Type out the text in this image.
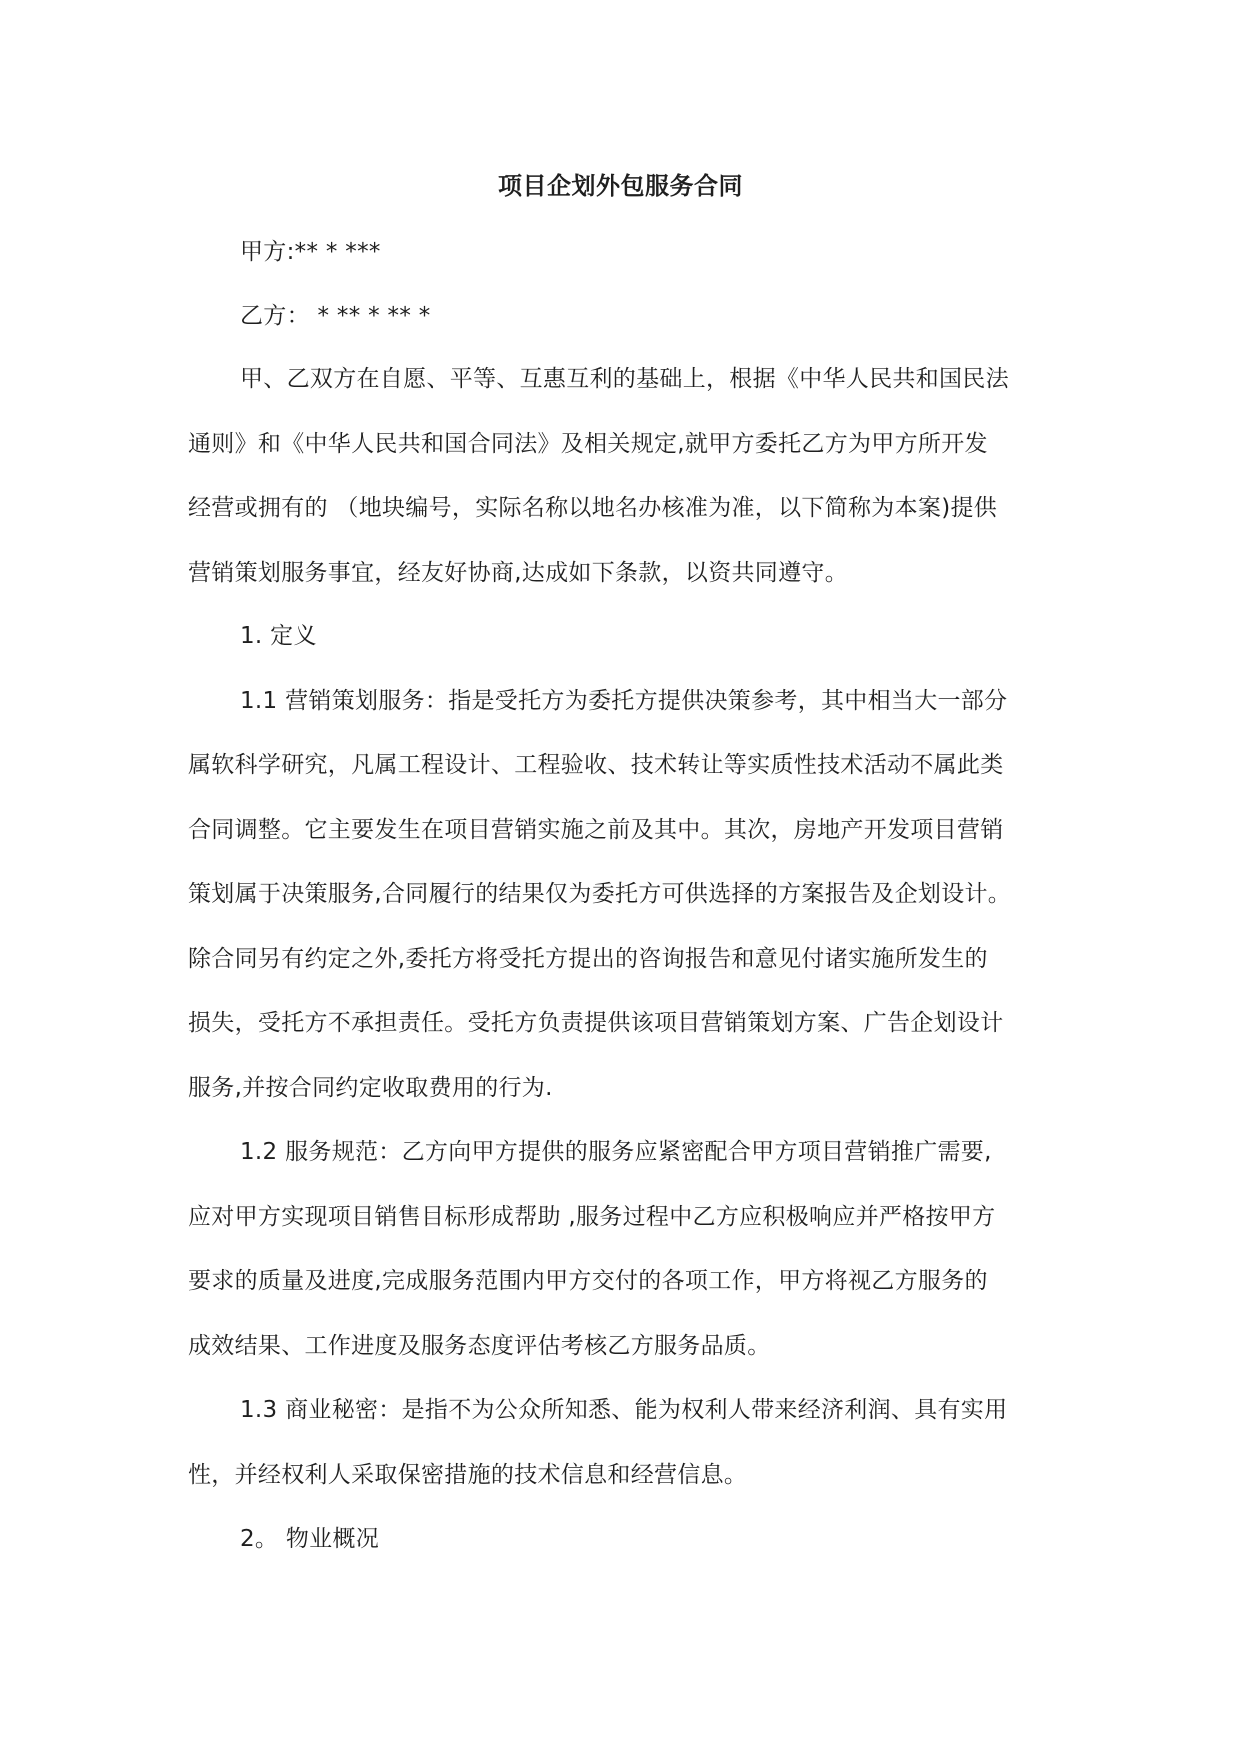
项目企划外包服务合同
甲方:** * ***
乙方： * ** * ** *
甲、乙双方在自愿、平等、互惠互利的基础上，根据《中华人民共和国民法
通则》和《中华人民共和国合同法》及相关规定,就甲方委托乙方为甲方所开发
经营或拥有的 （地块编号，实际名称以地名办核准为准，以下简称为本案)提供
营销策划服务事宜，经友好协商,达成如下条款，以资共同遵守。
1. 定义
1.1 营销策划服务：指是受托方为委托方提供决策参考，其中相当大一部分
属软科学研究，凡属工程设计、工程验收、技术转让等实质性技术活动不属此类
合同调整。它主要发生在项目营销实施之前及其中。其次，房地产开发项目营销
策划属于决策服务,合同履行的结果仅为委托方可供选择的方案报告及企划设计。
除合同另有约定之外,委托方将受托方提出的咨询报告和意见付诸实施所发生的
损失，受托方不承担责任。受托方负责提供该项目营销策划方案、广告企划设计
服务,并按合同约定收取费用的行为.
1.2 服务规范：乙方向甲方提供的服务应紧密配合甲方项目营销推广需要,
应对甲方实现项目销售目标形成帮助 ,服务过程中乙方应积极响应并严格按甲方
要求的质量及进度,完成服务范围内甲方交付的各项工作，甲方将视乙方服务的
成效结果、工作进度及服务态度评估考核乙方服务品质。
1.3 商业秘密：是指不为公众所知悉、能为权利人带来经济利润、具有实用
性，并经权利人采取保密措施的技术信息和经营信息。
2。 物业概况
